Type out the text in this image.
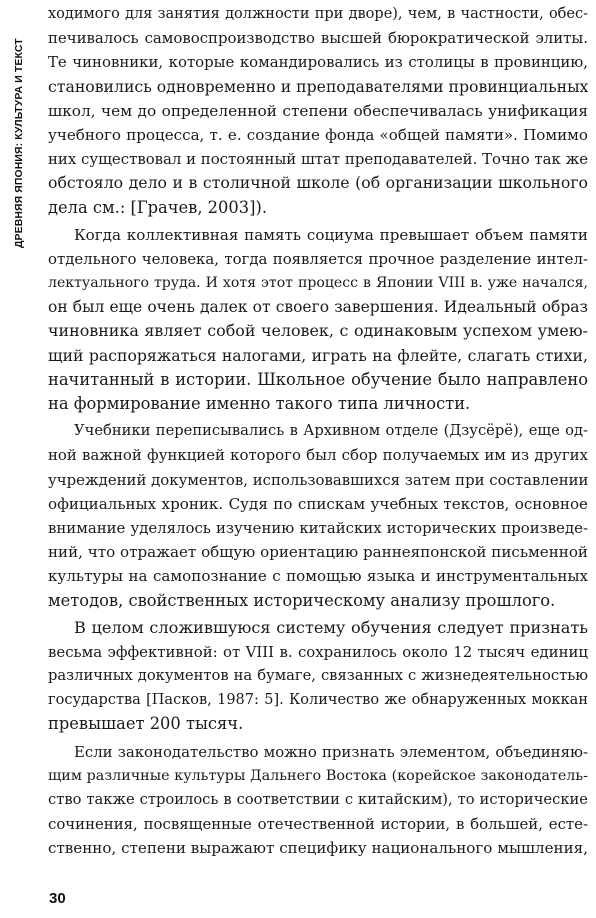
ДРЕВНЯЯ ЯПОНИЯ: КУЛЬТУРА И ТЕКСТ
ходимого для занятия должности при дворе), чем, в частности, обес-
печивалось самовоспроизводство высшей бюрократической элиты.
Те чиновники, которые командировались из столицы в провинцию,
становились одновременно и преподавателями провинциальных
школ, чем до определенной степени обеспечивалась унификация
учебного процесса, т. е. создание фонда «общей памяти». Помимо
них существовал и постоянный штат преподавателей. Точно так же
обстояло дело и в столичной школе (об организации школьного
дела см.: [Грачев, 2003]).
Когда коллективная память социума превышает объем памяти
отдельного человека, тогда появляется прочное разделение интел-
лектуального труда. И хотя этот процесс в Японии VIII в. уже начался,
он был еще очень далек от своего завершения. Идеальный образ
чиновника являет собой человек, с одинаковым успехом умею-
щий распоряжаться налогами, играть на флейте, слагать стихи,
начитанный в истории. Школьное обучение было направлено
на формирование именно такого типа личности.
Учебники переписывались в Архивном отделе (Дзусёрё), еще од-
ной важной функцией которого был сбор получаемых им из других
учреждений документов, использовавшихся затем при составлении
официальных хроник. Судя по спискам учебных текстов, основное
внимание уделялось изучению китайских исторических произведе-
ний, что отражает общую ориентацию раннеяпонской письменной
культуры на самопознание с помощью языка и инструментальных
методов, свойственных историческому анализу прошлого.
В целом сложившуюся систему обучения следует признать
весьма эффективной: от VIII в. сохранилось около 12 тысяч единиц
различных документов на бумаге, связанных с жизнедеятельностью
государства [Пасков, 1987: 5]. Количество же обнаруженных моккан
превышает 200 тысяч.
Если законодательство можно признать элементом, объединяю-
щим различные культуры Дальнего Востока (корейское законодатель-
ство также строилось в соответствии с китайским), то исторические
сочинения, посвященные отечественной истории, в большей, есте-
ственно, степени выражают специфику национального мышления,
30
